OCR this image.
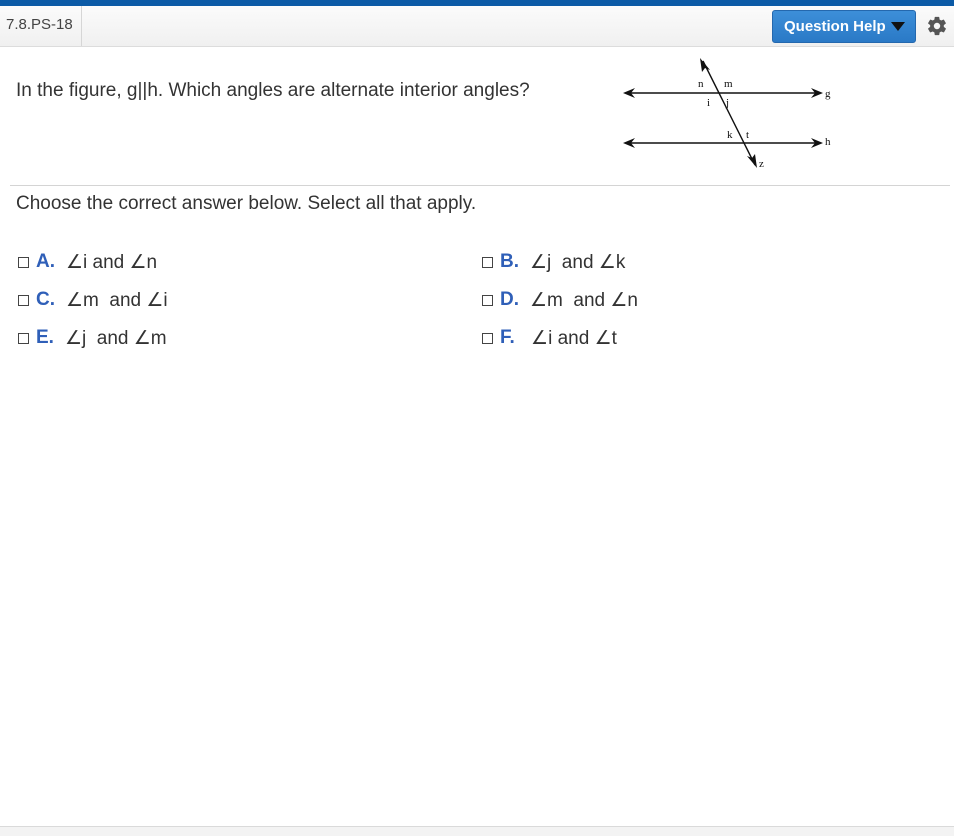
7.8.PS-18	Question Help
In the figure, g||h. Which angles are alternate interior angles?	n m
i j
k t
g
h
z
Choose the correct answer below. Select all that apply.
A. ∠i and ∠n	B. ∠j  and ∠k
C. ∠m  and ∠i	D. ∠m  and ∠n
E. ∠j  and ∠m	F. ∠i and ∠t
